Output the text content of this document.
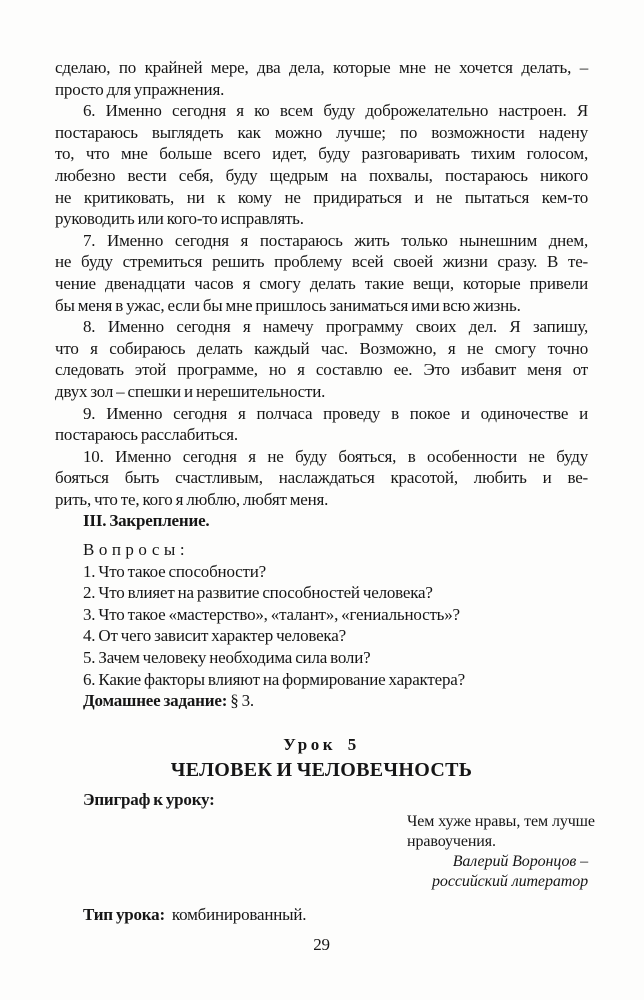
сделаю, по крайней мере, два дела, которые мне не хочется делать, –
просто для упражнения.
6. Именно сегодня я ко всем буду доброжелательно настроен. Я
постараюсь выглядеть как можно лучше; по возможности надену
то, что мне больше всего идет, буду разговаривать тихим голосом,
любезно вести себя, буду щедрым на похвалы, постараюсь никого
не критиковать, ни к кому не придираться и не пытаться кем-то
руководить или кого-то исправлять.
7. Именно сегодня я постараюсь жить только нынешним днем,
не буду стремиться решить проблему всей своей жизни сразу. В те-
чение двенадцати часов я смогу делать такие вещи, которые привели
бы меня в ужас, если бы мне пришлось заниматься ими всю жизнь.
8. Именно сегодня я намечу программу своих дел. Я запишу,
что я собираюсь делать каждый час. Возможно, я не смогу точно
следовать этой программе, но я составлю ее. Это избавит меня от
двух зол – спешки и нерешительности.
9. Именно сегодня я полчаса проведу в покое и одиночестве и
постараюсь расслабиться.
10. Именно сегодня я не буду бояться, в особенности не буду
бояться быть счастливым, наслаждаться красотой, любить и ве-
рить, что те, кого я люблю, любят меня.
III. Закрепление.
Вопросы:
1. Что такое способности?
2. Что влияет на развитие способностей человека?
3. Что такое «мастерство», «талант», «гениальность»?
4. От чего зависит характер человека?
5. Зачем человеку необходима сила воли?
6. Какие факторы влияют на формирование характера?
Домашнее задание: § 3.
Урок 5
ЧЕЛОВЕК И ЧЕЛОВЕЧНОСТЬ
Эпиграф к уроку:
Чем хуже нравы, тем лучше
нравоучения.
Валерий Воронцов –
российский литератор
Тип урока: комбинированный.
29
